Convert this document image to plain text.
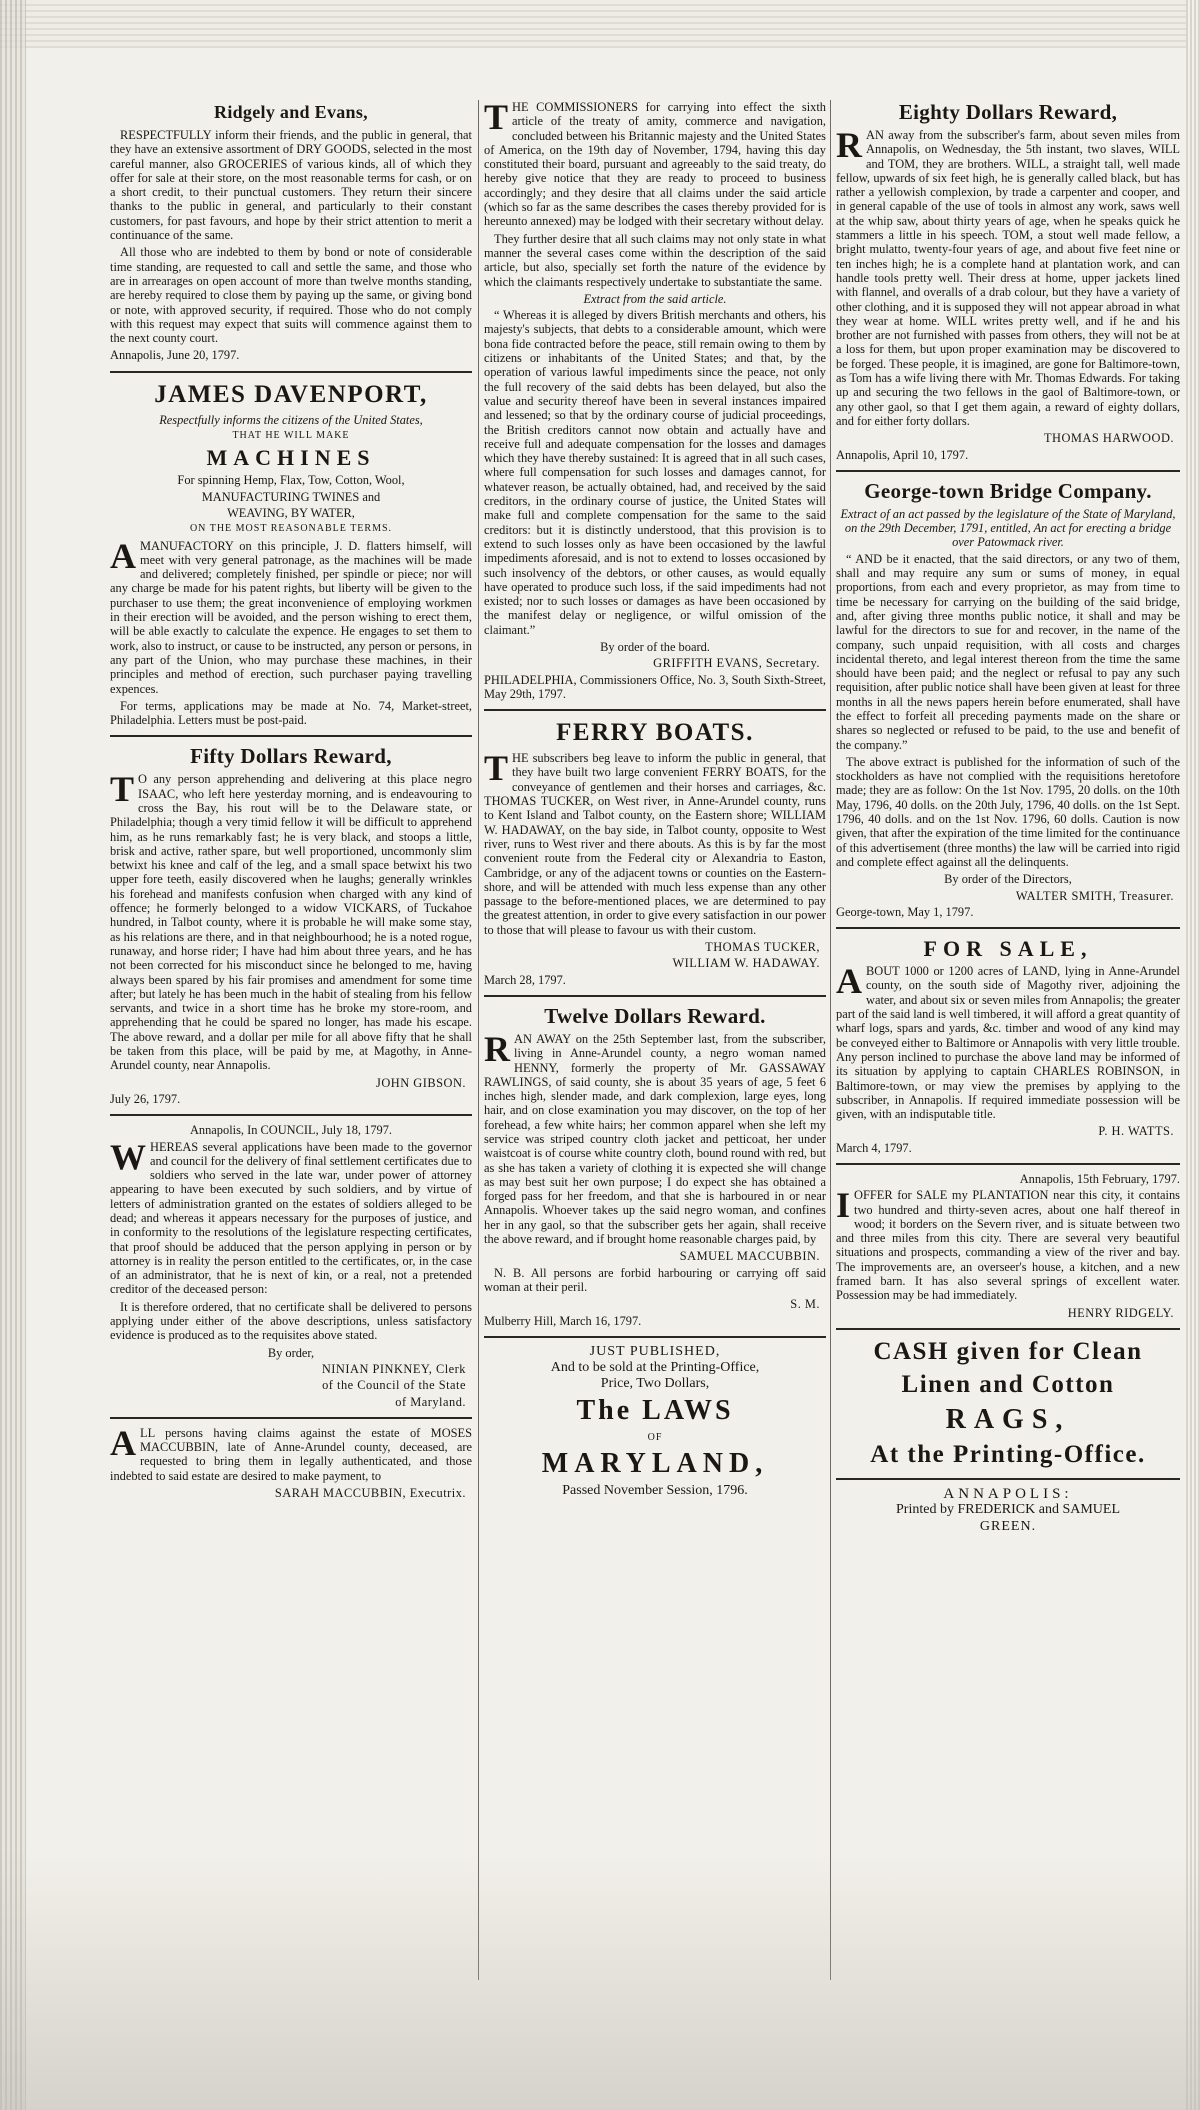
Ridgely and Evans,

RESPECTFULLY inform their friends, and the public in general, that they have an extensive assortment of DRY GOODS, selected in the most careful manner, also GROCERIES of various kinds, all of which they offer for sale at their store, on the most reasonable terms for cash, or on a short credit, to their punctual customers. They return their sincere thanks to the public in general, and particularly to their constant customers, for past favours, and hope by their strict attention to merit a continuance of the same.

All those who are indebted to them by bond or note of considerable time standing, are requested to call and settle the same, and those who are in arrearages on open account of more than twelve months standing, are hereby required to close them by paying up the same, or giving bond or note, with approved security, if required. Those who do not comply with this request may expect that suits will commence against them to the next county court.

Annapolis, June 20, 1797.

JAMES DAVENPORT,
Respectfully informs the citizens of the United States,
THAT HE WILL MAKE
MACHINES
For spinning Hemp, Flax, Tow, Cotton, Wool,
MANUFACTURING TWINES and
WEAVING, BY WATER,
ON THE MOST REASONABLE TERMS.

AMANUFACTORY on this principle, J. D. flatters himself, will meet with very general patronage, as the machines will be made and delivered; completely finished, per spindle or piece; nor will any charge be made for his patent rights, but liberty will be given to the purchaser to use them; the great inconvenience of employing workmen in their erection will be avoided, and the person wishing to erect them, will be able exactly to calculate the expence. He engages to set them to work, also to instruct, or cause to be instructed, any person or persons, in any part of the Union, who may purchase these machines, in their principles and method of erection, such purchaser paying travelling expences.

For terms, applications may be made at No. 74, Market-street, Philadelphia. Letters must be post-paid.

Fifty Dollars Reward,

TO any person apprehending and delivering at this place negro ISAAC, who left here yesterday morning, and is endeavouring to cross the Bay, his rout will be to the Delaware state, or Philadelphia; though a very timid fellow it will be difficult to apprehend him, as he runs remarkably fast; he is very black, and stoops a little, brisk and active, rather spare, but well proportioned, uncommonly slim betwixt his knee and calf of the leg, and a small space betwixt his two upper fore teeth, easily discovered when he laughs; generally wrinkles his forehead and manifests confusion when charged with any kind of offence; he formerly belonged to a widow VICKARS, of Tuckahoe hundred, in Talbot county, where it is probable he will make some stay, as his relations are there, and in that neighbourhood; he is a noted rogue, runaway, and horse rider; I have had him about three years, and he has not been corrected for his misconduct since he belonged to me, having always been spared by his fair promises and amendment for some time after; but lately he has been much in the habit of stealing from his fellow servants, and twice in a short time has he broke my store-room, and apprehending that he could be spared no longer, has made his escape. The above reward, and a dollar per mile for all above fifty that he shall be taken from this place, will be paid by me, at Magothy, in Anne-Arundel county, near Annapolis.

JOHN GIBSON.

July 26, 1797.

Annapolis, In COUNCIL, July 18, 1797.

WHEREAS several applications have been made to the governor and council for the delivery of final settlement certificates due to soldiers who served in the late war, under power of attorney appearing to have been executed by such soldiers, and by virtue of letters of administration granted on the estates of soldiers alleged to be dead; and whereas it appears necessary for the purposes of justice, and in conformity to the resolutions of the legislature respecting certificates, that proof should be adduced that the person applying in person or by attorney is in reality the person entitled to the certificates, or, in the case of an administrator, that he is next of kin, or a real, not a pretended creditor of the deceased person:

It is therefore ordered, that no certificate shall be delivered to persons applying under either of the above descriptions, unless satisfactory evidence is produced as to the requisites above stated.

By order,
NINIAN PINKNEY, Clerk
of the Council of the State
of Maryland.

ALL persons having claims against the estate of MOSES MACCUBBIN, late of Anne-Arundel county, deceased, are requested to bring them in legally authenticated, and those indebted to said estate are desired to make payment, to

SARAH MACCUBBIN, Executrix.

THE COMMISSIONERS for carrying into effect the sixth article of the treaty of amity, commerce and navigation, concluded between his Britannic majesty and the United States of America, on the 19th day of November, 1794, having this day constituted their board, pursuant and agreeably to the said treaty, do hereby give notice that they are ready to proceed to business accordingly; and they desire that all claims under the said article (which so far as the same describes the cases thereby provided for is hereunto annexed) may be lodged with their secretary without delay.

They further desire that all such claims may not only state in what manner the several cases come within the description of the said article, but also, specially set forth the nature of the evidence by which the claimants respectively undertake to substantiate the same.

Extract from the said article.

“ Whereas it is alleged by divers British merchants and others, his majesty's subjects, that debts to a considerable amount, which were bona fide contracted before the peace, still remain owing to them by citizens or inhabitants of the United States; and that, by the operation of various lawful impediments since the peace, not only the full recovery of the said debts has been delayed, but also the value and security thereof have been in several instances impaired and lessened; so that by the ordinary course of judicial proceedings, the British creditors cannot now obtain and actually have and receive full and adequate compensation for the losses and damages which they have thereby sustained: It is agreed that in all such cases, where full compensation for such losses and damages cannot, for whatever reason, be actually obtained, had, and received by the said creditors, in the ordinary course of justice, the United States will make full and complete compensation for the same to the said creditors: but it is distinctly understood, that this provision is to extend to such losses only as have been occasioned by the lawful impediments aforesaid, and is not to extend to losses occasioned by such insolvency of the debtors, or other causes, as would equally have operated to produce such loss, if the said impediments had not existed; nor to such losses or damages as have been occasioned by the manifest delay or negligence, or wilful omission of the claimant.”

By order of the board.
GRIFFITH EVANS, Secretary.

PHILADELPHIA, Commissioners Office, No. 3, South Sixth-Street, May 29th, 1797.

FERRY BOATS.

THE subscribers beg leave to inform the public in general, that they have built two large convenient FERRY BOATS, for the conveyance of gentlemen and their horses and carriages, &c. THOMAS TUCKER, on West river, in Anne-Arundel county, runs to Kent Island and Talbot county, on the Eastern shore; WILLIAM W. HADAWAY, on the bay side, in Talbot county, opposite to West river, runs to West river and there abouts. As this is by far the most convenient route from the Federal city or Alexandria to Easton, Cambridge, or any of the adjacent towns or counties on the Eastern-shore, and will be attended with much less expense than any other passage to the before-mentioned places, we are determined to pay the greatest attention, in order to give every satisfaction in our power to those that will please to favour us with their custom.

THOMAS TUCKER,
WILLIAM W. HADAWAY.

March 28, 1797.

Twelve Dollars Reward.

RAN AWAY on the 25th September last, from the subscriber, living in Anne-Arundel county, a negro woman named HENNY, formerly the property of Mr. GASSAWAY RAWLINGS, of said county, she is about 35 years of age, 5 feet 6 inches high, slender made, and dark complexion, large eyes, long hair, and on close examination you may discover, on the top of her forehead, a few white hairs; her common apparel when she left my service was striped country cloth jacket and petticoat, her under waistcoat is of course white country cloth, bound round with red, but as she has taken a variety of clothing it is expected she will change as may best suit her own purpose; I do expect she has obtained a forged pass for her freedom, and that she is harboured in or near Annapolis. Whoever takes up the said negro woman, and confines her in any gaol, so that the subscriber gets her again, shall receive the above reward, and if brought home reasonable charges paid, by

SAMUEL MACCUBBIN.

N. B. All persons are forbid harbouring or carrying off said woman at their peril.

S. M.

Mulberry Hill, March 16, 1797.

JUST PUBLISHED,
And to be sold at the Printing-Office,
Price, Two Dollars,
The LAWS
OF
MARYLAND,
Passed November Session, 1796.
Eighty Dollars Reward,

RAN away from the subscriber's farm, about seven miles from Annapolis, on Wednesday, the 5th instant, two slaves, WILL and TOM, they are brothers. WILL, a straight tall, well made fellow, upwards of six feet high, he is generally called black, but has rather a yellowish complexion, by trade a carpenter and cooper, and in general capable of the use of tools in almost any work, saws well at the whip saw, about thirty years of age, when he speaks quick he stammers a little in his speech. TOM, a stout well made fellow, a bright mulatto, twenty-four years of age, and about five feet nine or ten inches high; he is a complete hand at plantation work, and can handle tools pretty well. Their dress at home, upper jackets lined with flannel, and overalls of a drab colour, but they have a variety of other clothing, and it is supposed they will not appear abroad in what they wear at home. WILL writes pretty well, and if he and his brother are not furnished with passes from others, they will not be at a loss for them, but upon proper examination may be discovered to be forged. These people, it is imagined, are gone for Baltimore-town, as Tom has a wife living there with Mr. Thomas Edwards. For taking up and securing the two fellows in the gaol of Baltimore-town, or any other gaol, so that I get them again, a reward of eighty dollars, and for either forty dollars.

THOMAS HARWOOD.

Annapolis, April 10, 1797.

George-town Bridge Company.
Extract of an act passed by the legislature of the State of Maryland, on the 29th December, 1791, entitled, An act for erecting a bridge over Patowmack river.

“ AND be it enacted, that the said directors, or any two of them, shall and may require any sum or sums of money, in equal proportions, from each and every proprietor, as may from time to time be necessary for carrying on the building of the said bridge, and, after giving three months public notice, it shall and may be lawful for the directors to sue for and recover, in the name of the company, such unpaid requisition, with all costs and charges incidental thereto, and legal interest thereon from the time the same should have been paid; and the neglect or refusal to pay any such requisition, after public notice shall have been given at least for three months in all the news papers herein before enumerated, shall have the effect to forfeit all preceding payments made on the share or shares so neglected or refused to be paid, to the use and benefit of the company.”

The above extract is published for the information of such of the stockholders as have not complied with the requisitions heretofore made; they are as follow: On the 1st Nov. 1795, 20 dolls. on the 10th May, 1796, 40 dolls. on the 20th July, 1796, 40 dolls. on the 1st Sept. 1796, 40 dolls. and on the 1st Nov. 1796, 60 dolls. Caution is now given, that after the expiration of the time limited for the continuance of this advertisement (three months) the law will be carried into rigid and complete effect against all the delinquents.

By order of the Directors,
WALTER SMITH, Treasurer.

George-town, May 1, 1797.

FOR SALE,

ABOUT 1000 or 1200 acres of LAND, lying in Anne-Arundel county, on the south side of Magothy river, adjoining the water, and about six or seven miles from Annapolis; the greater part of the said land is well timbered, it will afford a great quantity of wharf logs, spars and yards, &c. timber and wood of any kind may be conveyed either to Baltimore or Annapolis with very little trouble. Any person inclined to purchase the above land may be informed of its situation by applying to captain CHARLES ROBINSON, in Baltimore-town, or may view the premises by applying to the subscriber, in Annapolis. If required immediate possession will be given, with an indisputable title.

P. H. WATTS.

March 4, 1797.

Annapolis, 15th February, 1797.

IOFFER for SALE my PLANTATION near this city, it contains two hundred and thirty-seven acres, about one half thereof in wood; it borders on the Severn river, and is situate between two and three miles from this city. There are several very beautiful situations and prospects, commanding a view of the river and bay. The improvements are, an overseer's house, a kitchen, and a new framed barn. It has also several springs of excellent water. Possession may be had immediately.

HENRY RIDGELY.
CASH given for Clean
Linen and Cotton
RAGS,
At the Printing-Office.
ANNAPOLIS:
Printed by FREDERICK and SAMUEL
GREEN.
